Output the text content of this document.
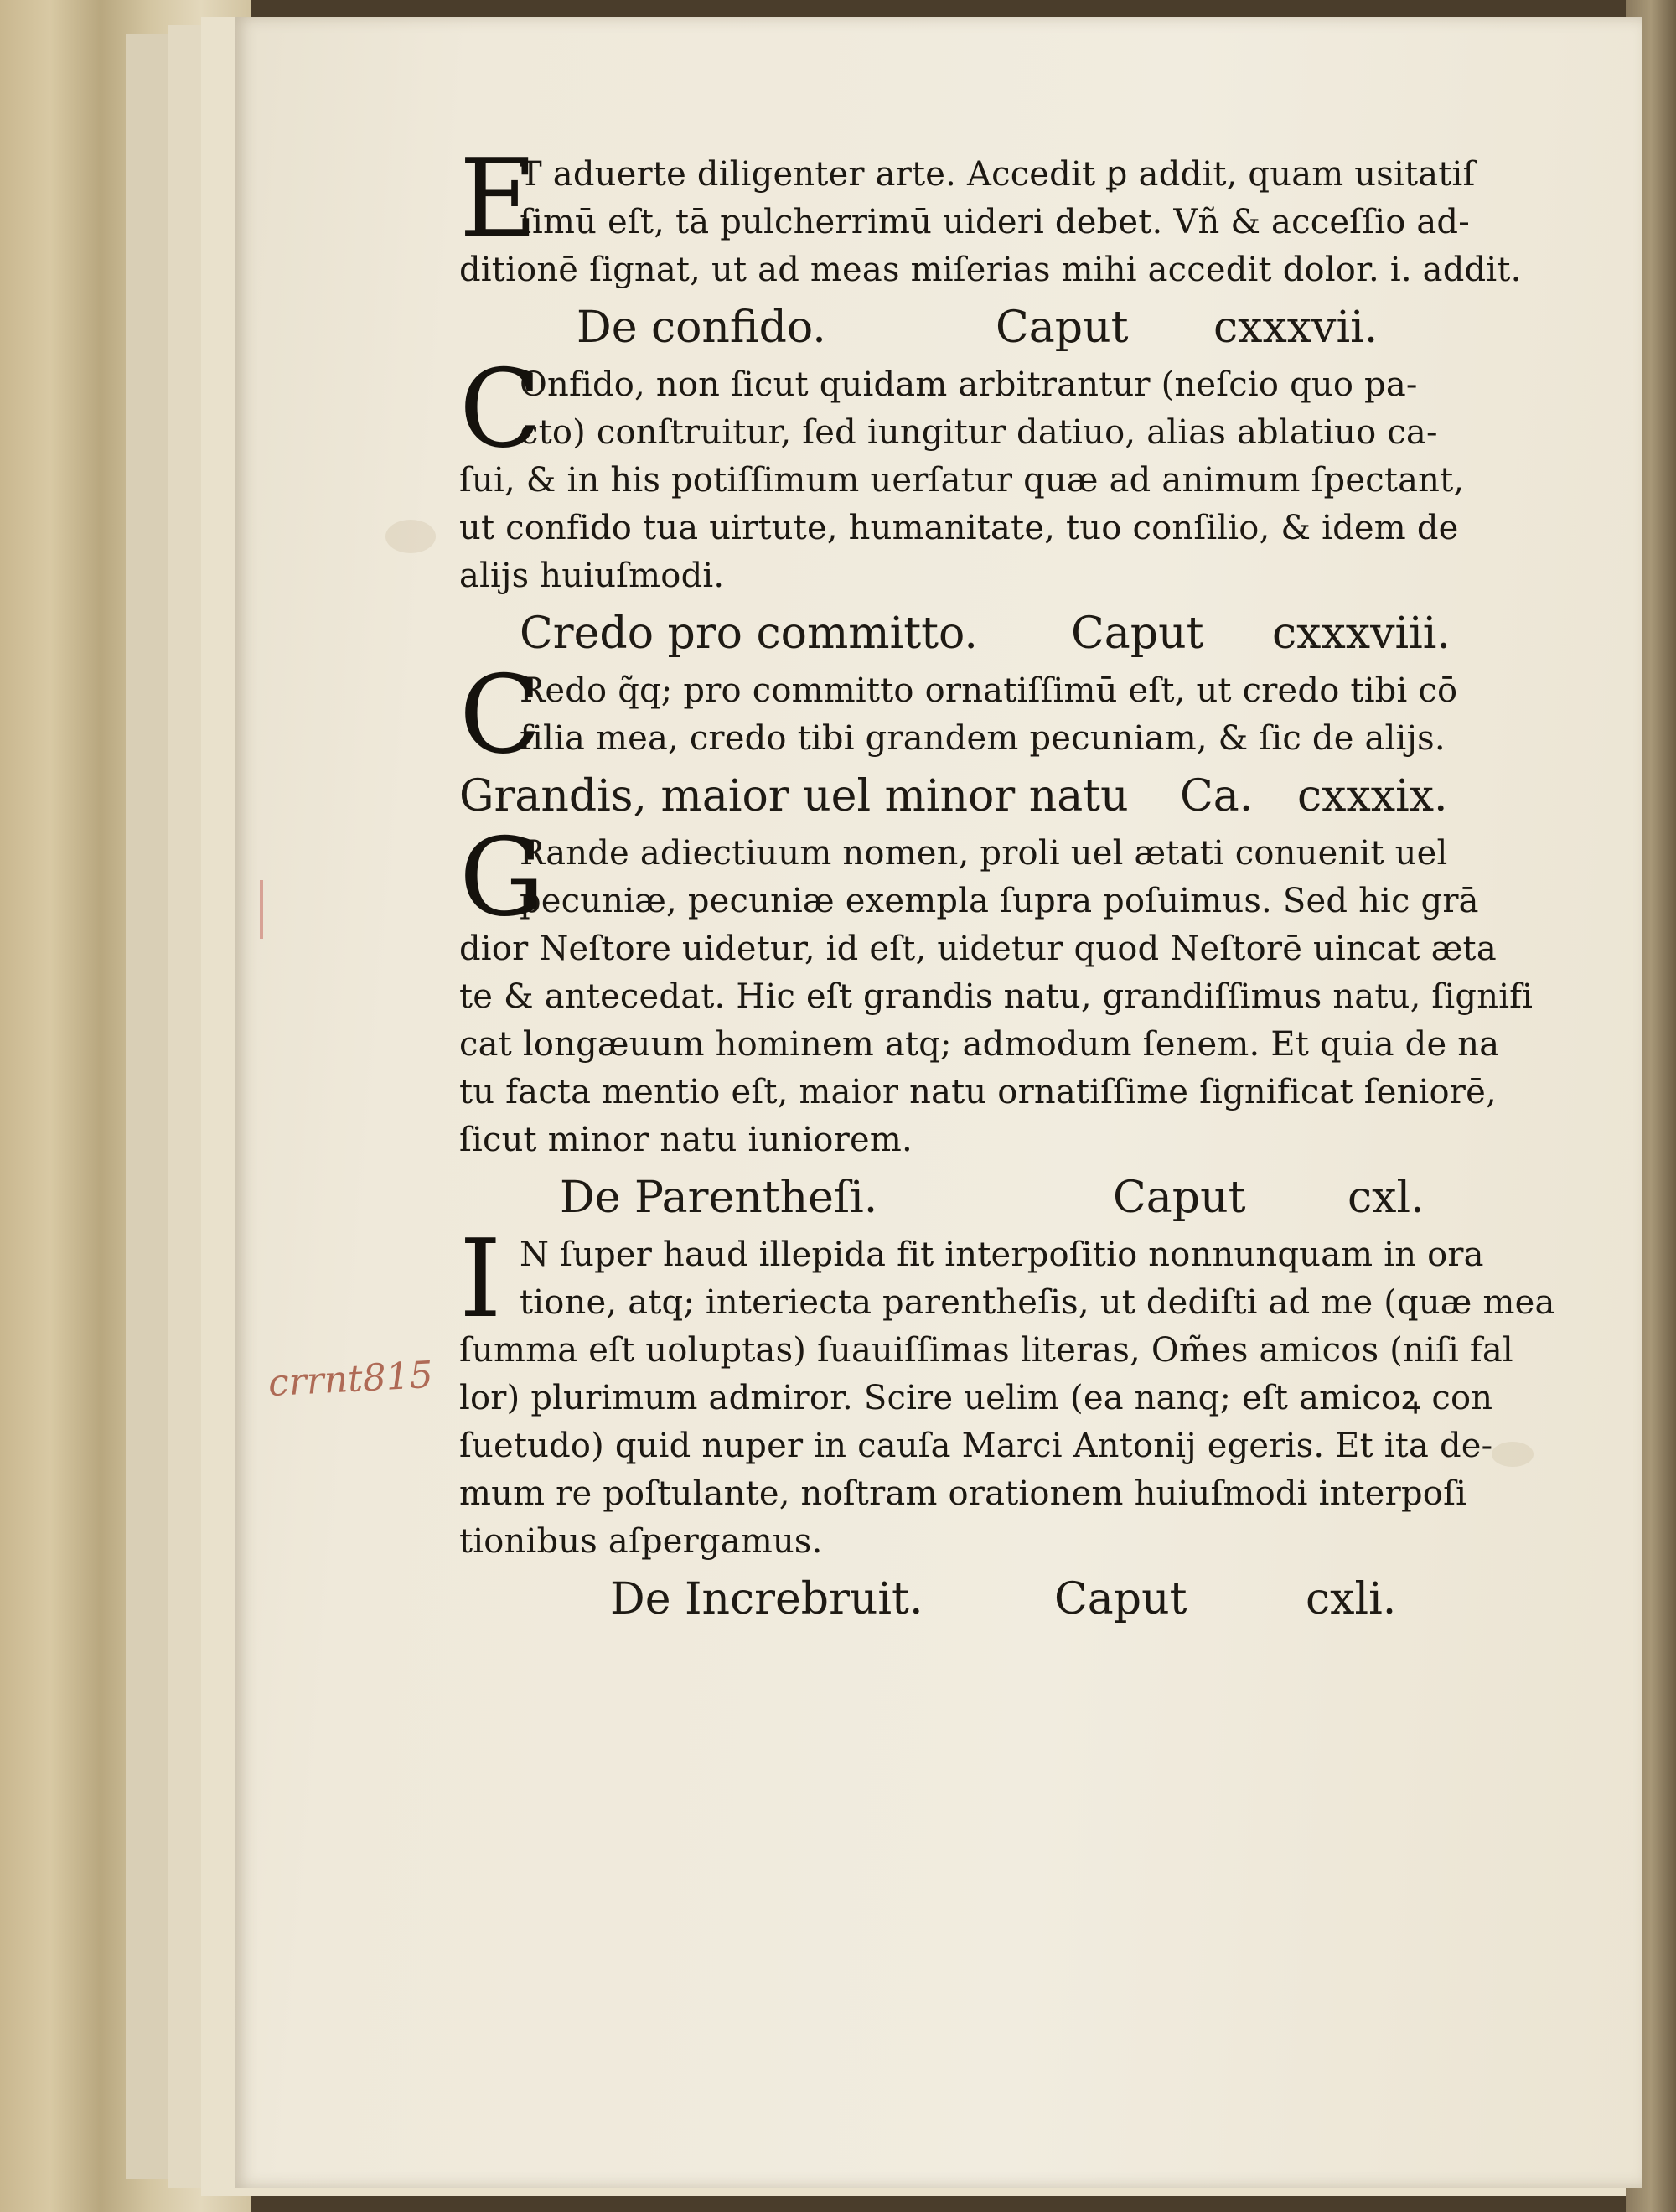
crrnt815
E
T aduerte diligenter arte. Accedit ꝑ addit, quam usitatiſ
ſimū eſt, tā pulcherrimū uideri debet. Vñ & acceſſio ad-
ditionē ſignat, ut ad meas miſerias mihi accedit dolor. i. addit.
De confido.	Caput cxxxvii.
C
Onfido, non ſicut quidam arbitrantur (neſcio quo pa-
cto) conſtruitur, ſed iungitur datiuo, alias ablatiuo ca-
ſui, & in his potiſſimum uerſatur quæ ad animum ſpectant,
ut confido tua uirtute, humanitate, tuo conſilio, & idem de
alijs huiuſmodi.
Credo pro committo. Caput cxxxviii.
C
Redo q̃q; pro committo ornatiſſimū eſt, ut credo tibi cō
ſilia mea, credo tibi grandem pecuniam, & ſic de alijs.
Grandis, maior uel minor natu Ca. cxxxix.
G
Rande adiectiuum nomen, proli uel ætati conuenit uel
pecuniæ, pecuniæ exempla ſupra poſuimus. Sed hic grā
dior Neſtore uidetur, id eſt, uidetur quod Neſtorē uincat æta
te & antecedat. Hic eſt grandis natu, grandiſſimus natu, ſignifi
cat longæuum hominem atq; admodum ſenem. Et quia de na
tu facta mentio eſt, maior natu ornatiſſime ſignificat ſeniorē,
ſicut minor natu iuniorem.
De Parentheſi.	Caput cxl.
I N ſuper haud illepida fit interpoſitio nonnunquam in ora
tione, atq; interiecta parentheſis, ut dediſti ad me (quæ mea
ſumma eſt uoluptas) ſuauiſſimas literas, Om̃es amicos (niſi fal
lor) plurimum admiror. Scire uelim (ea nanq; eſt amicoꝝ con
ſuetudo) quid nuper in cauſa Marci Antonij egeris. Et ita de-
mum re poſtulante, noſtram orationem huiuſmodi interpoſi
tionibus aſpergamus.
De Increbruit.	Caput	cxli.
